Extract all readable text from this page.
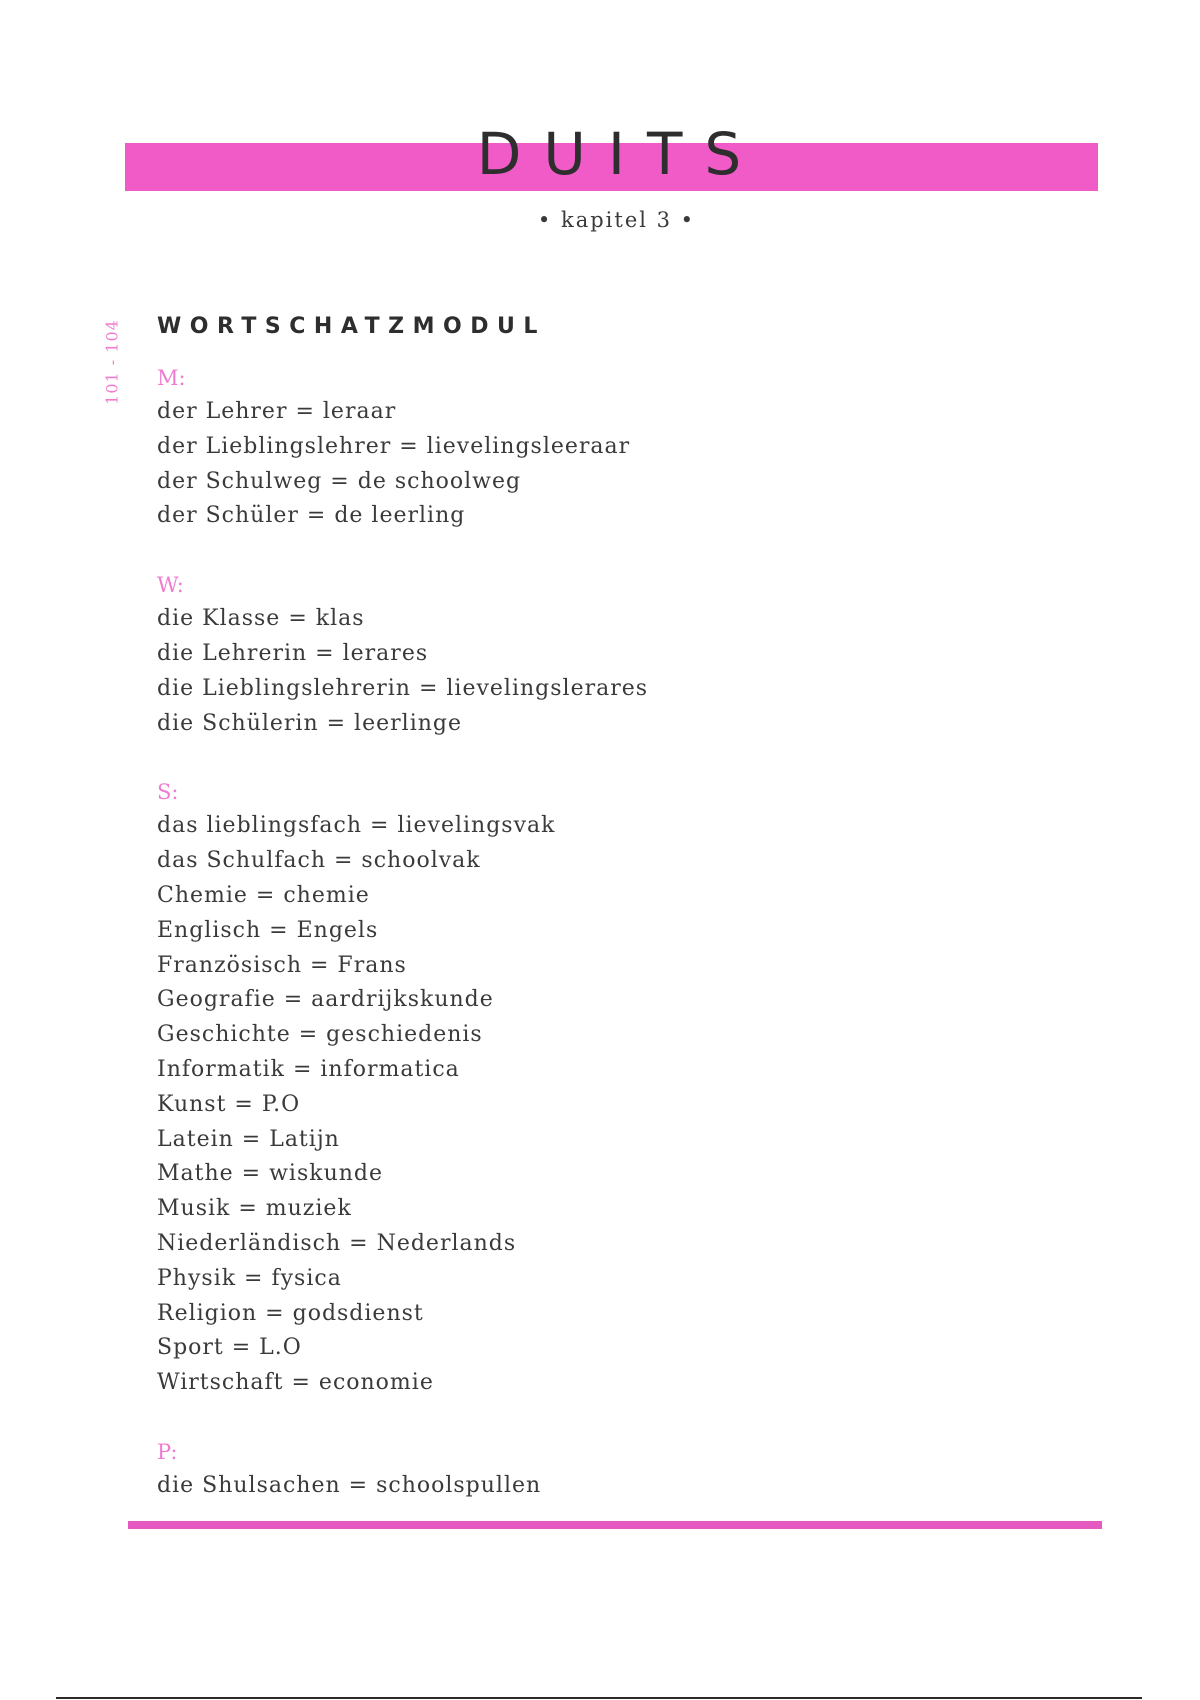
DUITS
• kapitel 3 •
101 - 104 WORTSCHATZMODUL
M:
der Lehrer = leraar
der Lieblingslehrer = lievelingsleeraar
der Schulweg = de schoolweg
der Schüler = de leerling
W:
die Klasse = klas
die Lehrerin = lerares
die Lieblingslehrerin = lievelingslerares
die Schülerin = leerlinge
S:
das lieblingsfach = lievelingsvak
das Schulfach = schoolvak
Chemie = chemie
Englisch = Engels
Französisch = Frans
Geografie = aardrijkskunde
Geschichte = geschiedenis
Informatik = informatica
Kunst = P.O
Latein = Latijn
Mathe = wiskunde
Musik = muziek
Niederländisch = Nederlands
Physik = fysica
Religion = godsdienst
Sport = L.O
Wirtschaft = economie
P:
die Shulsachen = schoolspullen
